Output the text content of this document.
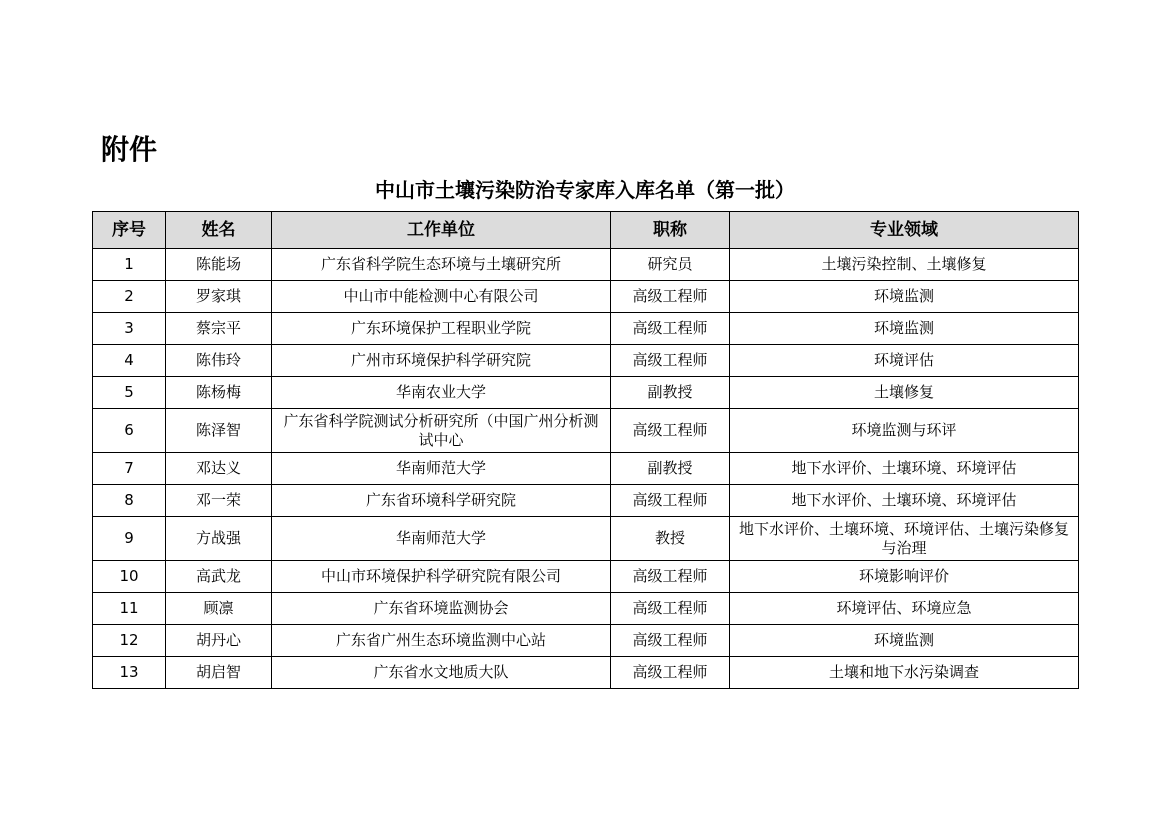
附件
中山市土壤污染防治专家库入库名单（第一批）
序号	姓名	工作单位	职称	专业领域
1	陈能场	广东省科学院生态环境与土壤研究所	研究员	土壤污染控制、土壤修复
2	罗家琪	中山市中能检测中心有限公司	高级工程师	环境监测
3	蔡宗平	广东环境保护工程职业学院	高级工程师	环境监测
4	陈伟玲	广州市环境保护科学研究院	高级工程师	环境评估
5	陈杨梅	华南农业大学	副教授	土壤修复
6	陈泽智	广东省科学院测试分析研究所（中国广州分析测试中心	高级工程师	环境监测与环评
7	邓达义	华南师范大学	副教授	地下水评价、土壤环境、环境评估
8	邓一荣	广东省环境科学研究院	高级工程师	地下水评价、土壤环境、环境评估
9	方战强	华南师范大学	教授	地下水评价、土壤环境、环境评估、土壤污染修复与治理
10	高武龙	中山市环境保护科学研究院有限公司	高级工程师	环境影响评价
11	顾凛	广东省环境监测协会	高级工程师	环境评估、环境应急
12	胡丹心	广东省广州生态环境监测中心站	高级工程师	环境监测
13	胡启智	广东省水文地质大队	高级工程师	土壤和地下水污染调查
